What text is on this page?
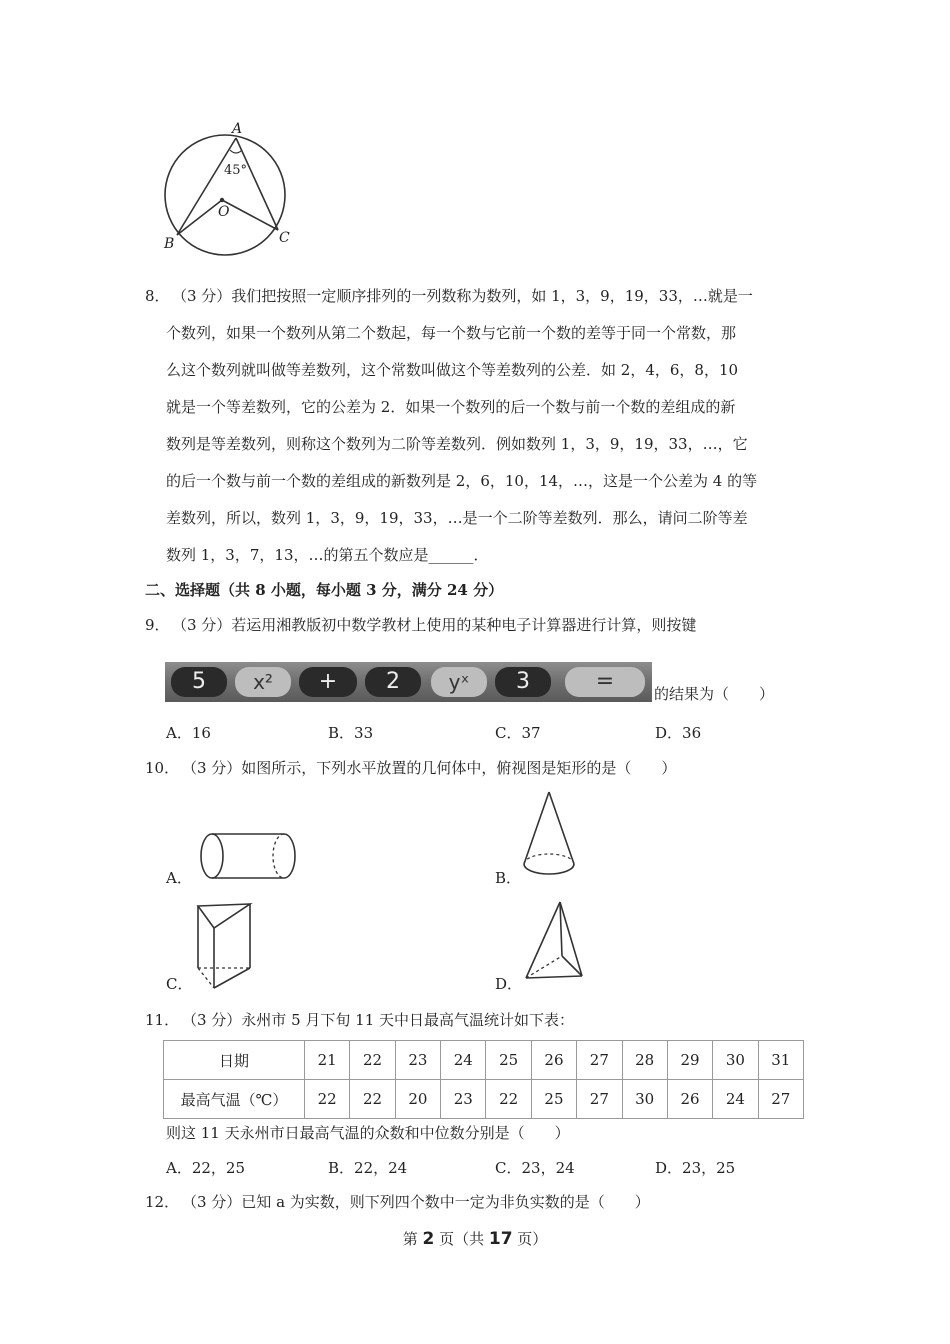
A
45°
O
B	C
8． （3 分）我们把按照一定顺序排列的一列数称为数列，如 1，3，9，19，33，…就是一
个数列，如果一个数列从第二个数起，每一个数与它前一个数的差等于同一个常数，那
么这个数列就叫做等差数列，这个常数叫做这个等差数列的公差．如 2，4，6，8，10
就是一个等差数列，它的公差为 2．如果一个数列的后一个数与前一个数的差组成的新
数列是等差数列，则称这个数列为二阶等差数列．例如数列 1，3，9，19，33，…，它
的后一个数与前一个数的差组成的新数列是 2，6，10，14，…，这是一个公差为 4 的等
差数列，所以，数列 1，3，9，19，33，…是一个二阶等差数列．那么，请问二阶等差
数列 1，3，7，13，…的第五个数应是______．
二、选择题（共 8 小题，每小题 3 分，满分 24 分）
9． （3 分）若运用湘教版初中数学教材上使用的某种电子计算器进行计算，则按键
5	x²	+	2	yˣ	3	=	的结果为（　　）
A．16	B．33	C．37	D．36
10． （3 分）如图所示，下列水平放置的几何体中，俯视图是矩形的是（　　）
A．	B．
C．	D．
11． （3 分）永州市 5 月下旬 11 天中日最高气温统计如下表：
日期	21	22	23	24	25	26	27	28	29	30	31
最高气温（℃）	22	22	20	23	22	25	27	30	26	24	27
则这 11 天永州市日最高气温的众数和中位数分别是（　　）
A．22，25	B．22，24	C．23，24	D．23，25
12． （3 分）已知 a 为实数，则下列四个数中一定为非负实数的是（　　）
第 2 页（共 17 页）
